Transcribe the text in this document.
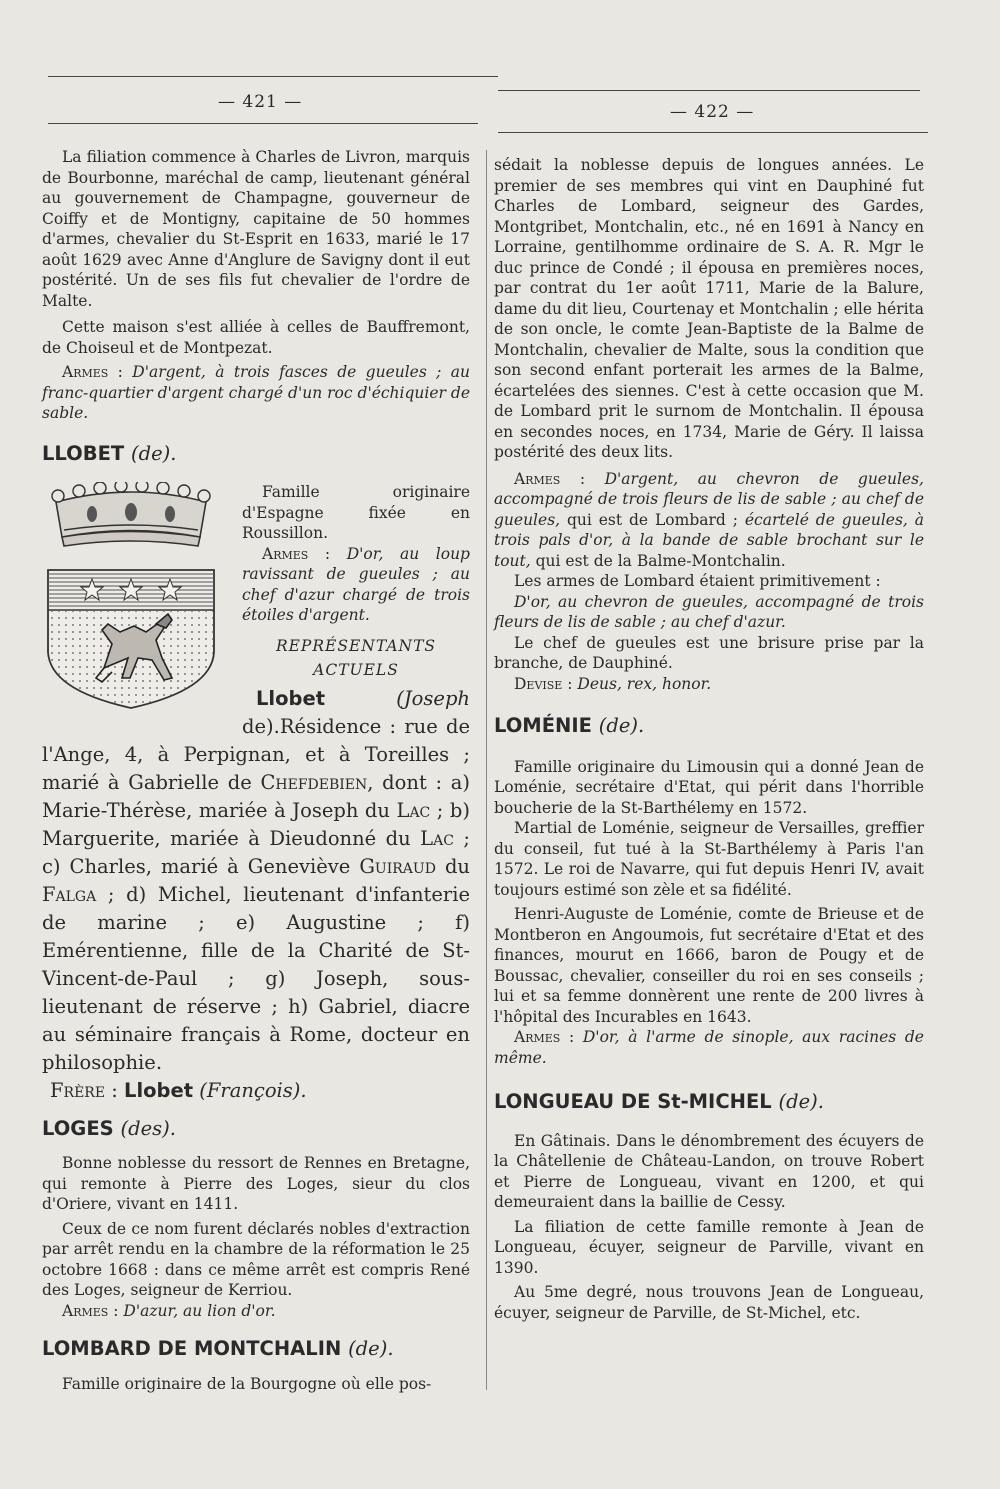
— 421 —	— 422 —

La filiation commence à Charles de Livron, marquis de Bourbonne, maréchal de camp, lieutenant général au gouvernement de Champagne, gouverneur de Coiffy et de Montigny, capitaine de 50 hommes d'armes, chevalier du St-Esprit en 1633, marié le 17 août 1629 avec Anne d'Anglure de Savigny dont il eut postérité. Un de ses fils fut chevalier de l'ordre de Malte.

Cette maison s'est alliée à celles de Bauffremont, de Choiseul et de Montpezat.

Armes : D'argent, à trois fasces de gueules ; au franc-quartier d'argent chargé d'un roc d'échiquier de sable.

LLOBET (de).

Famille originaire d'Espagne fixée en Roussillon.

Armes : D'or, au loup ravissant de gueules ; au chef d'azur chargé de trois étoiles d'argent.

REPRÉSENTANTS

ACTUELS

Llobet	(Joseph de).Résidence : rue de l'Ange, 4, à Perpignan, et à Toreilles ; marié à Gabrielle de Chefdebien, dont : a) Marie-Thérèse, mariée à Joseph du Lac ; b) Marguerite, mariée à Dieudonné du Lac ; c) Charles, marié à Geneviève Guiraud du Falga ; d) Michel, lieutenant d'infanterie de marine ; e) Augustine ; f) Emérentienne, fille de la Charité de St-Vincent-de-Paul ; g) Joseph, sous-lieutenant de réserve ; h) Gabriel, diacre au séminaire français à Rome, docteur en philosophie.

Frère : Llobet (François).

LOGES (des).

Bonne noblesse du ressort de Rennes en Bretagne, qui remonte à Pierre des Loges, sieur du clos d'Oriere, vivant en 1411.

Ceux de ce nom furent déclarés nobles d'extraction par arrêt rendu en la chambre de la réformation le 25 octobre 1668 : dans ce même arrêt est compris René des Loges, seigneur de Kerriou.

Armes : D'azur, au lion d'or.

LOMBARD DE MONTCHALIN (de).

Famille originaire de la Bourgogne où elle pos-

sédait la noblesse depuis de longues années. Le premier de ses membres qui vint en Dauphiné fut Charles de Lombard, seigneur des Gardes, Montgribet, Montchalin, etc., né en 1691 à Nancy en Lorraine, gentilhomme ordinaire de S. A. R. Mgr le duc prince de Condé ; il épousa en premières noces, par contrat du 1er août 1711, Marie de la Balure, dame du dit lieu, Courtenay et Montchalin ; elle hérita de son oncle, le comte Jean-Baptiste de la Balme de Montchalin, chevalier de Malte, sous la condition que son second enfant porterait les armes de la Balme, écartelées des siennes. C'est à cette occasion que M. de Lombard prit le surnom de Montchalin. Il épousa en secondes noces, en 1734, Marie de Géry. Il laissa postérité des deux lits.

Armes : D'argent, au chevron de gueules, accompagné de trois fleurs de lis de sable ; au chef de gueules, qui est de Lombard ; écartelé de gueules, à trois pals d'or, à la bande de sable brochant sur le tout, qui est de la Balme-Montchalin.

Les armes de Lombard étaient primitivement :

D'or, au chevron de gueules, accompagné de trois fleurs de lis de sable ; au chef d'azur.

Le chef de gueules est une brisure prise par la branche, de Dauphiné.

Devise : Deus, rex, honor.

LOMÉNIE (de).

Famille originaire du Limousin qui a donné Jean de Loménie, secrétaire d'Etat, qui périt dans l'horrible boucherie de la St-Barthélemy en 1572.

Martial de Loménie, seigneur de Versailles, greffier du conseil, fut tué à la St-Barthélemy à Paris l'an 1572. Le roi de Navarre, qui fut depuis Henri IV, avait toujours estimé son zèle et sa fidélité.

Henri-Auguste de Loménie, comte de Brieuse et de Montberon en Angoumois, fut secrétaire d'Etat et des finances, mourut en 1666, baron de Pougy et de Boussac, chevalier, conseiller du roi en ses conseils ; lui et sa femme donnèrent une rente de 200 livres à l'hôpital des Incurables en 1643.

Armes : D'or, à l'arme de sinople, aux racines de même.

LONGUEAU DE St-MICHEL (de).

En Gâtinais. Dans le dénombrement des écuyers de la Châtellenie de Château-Landon, on trouve Robert et Pierre de Longueau, vivant en 1200, et qui demeuraient dans la baillie de Cessy.

La filiation de cette famille remonte à Jean de Longueau, écuyer, seigneur de Parville, vivant en 1390.

Au 5me degré, nous trouvons Jean de Longueau, écuyer, seigneur de Parville, de St-Michel, etc.
